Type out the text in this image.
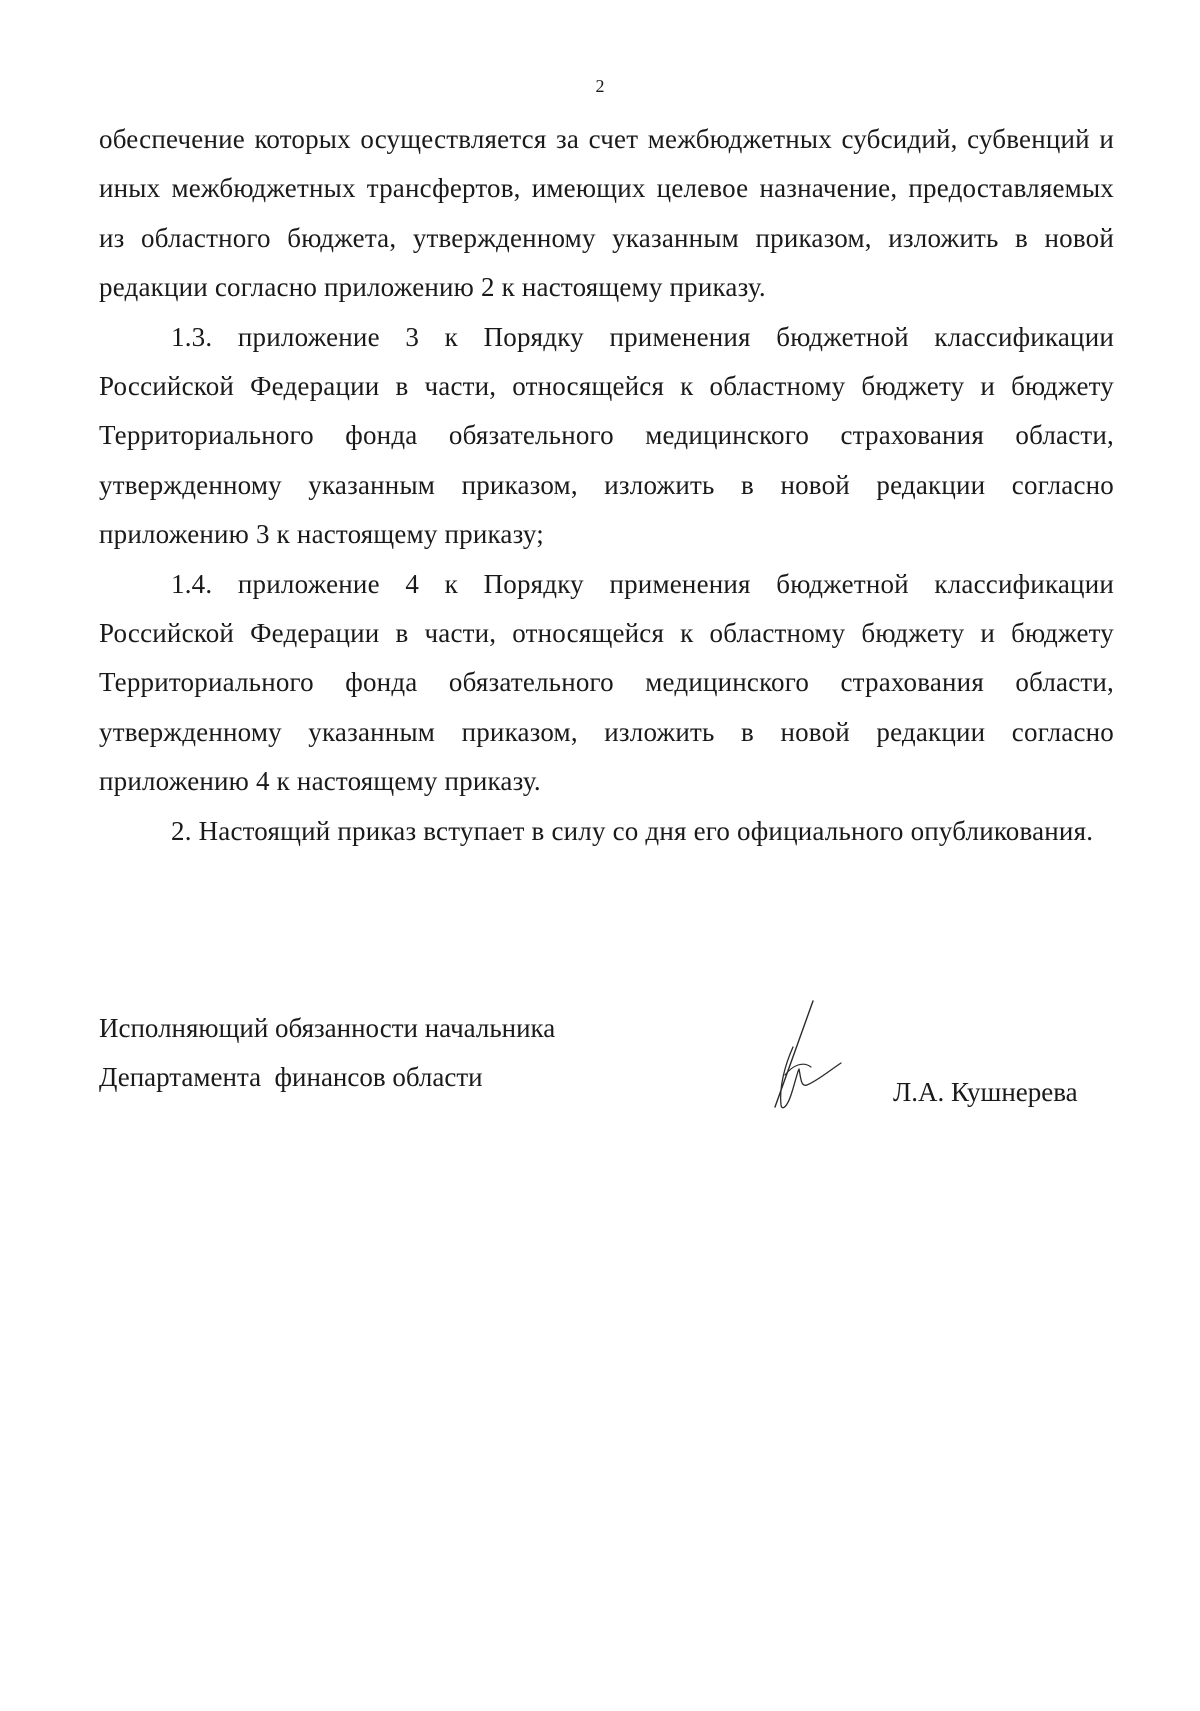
2

обеспечение которых осуществляется за счет межбюджетных субсидий, субвенций и иных межбюджетных трансфертов, имеющих целевое назначение, предоставляемых из областного бюджета, утвержденному указанным приказом, изложить в новой редакции согласно приложению 2 к настоящему приказу.

1.3. приложение 3 к Порядку применения бюджетной классификации Российской Федерации в части, относящейся к областному бюджету и бюджету Территориального фонда обязательного медицинского страхования области, утвержденному указанным приказом, изложить в новой редакции согласно приложению 3 к настоящему приказу;

1.4. приложение 4 к Порядку применения бюджетной классификации Российской Федерации в части, относящейся к областному бюджету и бюджету Территориального фонда обязательного медицинского страхования области, утвержденному указанным приказом, изложить в новой редакции согласно приложению 4 к настоящему приказу.

2. Настоящий приказ вступает в силу со дня его официального опубликования.

Исполняющий обязанности начальника
Департамента  финансов области	Л.А. Кушнерева
